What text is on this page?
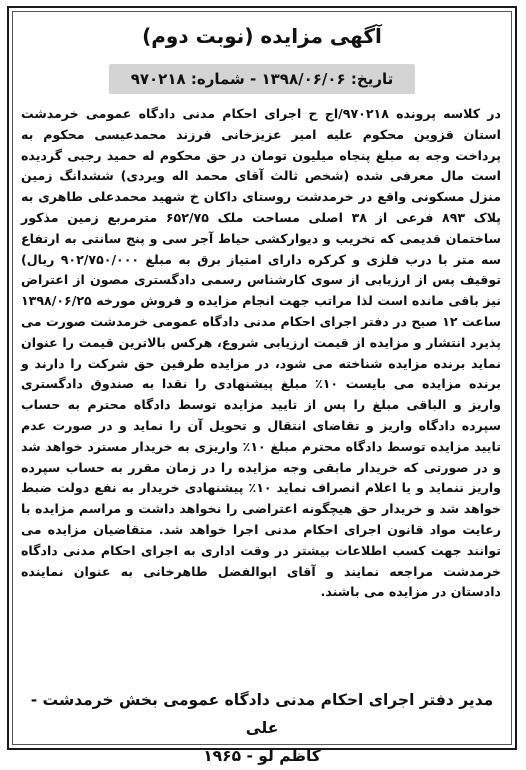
آگهی مزایده (نوبت دوم)
تاریخ: ۱۳۹۸/۰۶/۰۶ - شماره: ۹۷۰۲۱۸
در کلاسه پرونده ۹۷۰۲۱۸/اج ح اجرای احکام مدنی دادگاه عمومی خرمدشت استان قزوین محکوم علیه امیر عزیزخانی فرزند محمدعیسی محکوم به پرداخت وجه به مبلغ پنجاه میلیون تومان در حق محکوم له حمید رجبی گردیده است مال معرفی شده (شخص ثالث آقای محمد اله ویردی) ششدانگ زمین منزل مسکونی واقع در خرمدشت روستای داکان خ شهید محمدعلی طاهری به پلاک ۸۹۳ فرعی از ۳۸ اصلی مساحت ملک ۶۵۲/۷۵ مترمربع زمین مذکور ساختمان قدیمی که تخریب و دیوارکشی حیاط آجر سی و پنج سانتی به ارتفاع سه متر با درب فلزی و کرکره دارای امتیاز برق به مبلغ ۹۰۲/۷۵۰/۰۰۰ ریال) توقیف پس از ارزیابی از سوی کارشناس رسمی دادگستری مصون از اعتراض نیز باقی مانده است لذا مراتب جهت انجام مزایده و فروش مورخه ۱۳۹۸/۰۶/۲۵ ساعت ۱۲ صبح در دفتر اجرای احکام مدنی دادگاه عمومی خرمدشت صورت می پذیرد انتشار و مزایده از قیمت ارزیابی شروع، هرکس بالاترین قیمت را عنوان نماید برنده مزایده شناخته می شود، در مزایده طرفین حق شرکت را دارند و برنده مزایده می بایست ۱۰٪ مبلغ پیشنهادی را نقدا به صندوق دادگستری واریز و الباقی مبلغ را پس از تایید مزایده توسط دادگاه محترم به حساب سپرده دادگاه واریز و تقاضای انتقال و تحویل آن را نماید و در صورت عدم تایید مزایده توسط دادگاه محترم مبلغ ۱۰٪ واریزی به خریدار مسترد خواهد شد و در صورتی که خریدار مابقی وجه مزایده را در زمان مقرر به حساب سپرده واریز ننماید و یا اعلام انصراف نماید ۱۰٪ پیشنهادی خریدار به نفع دولت ضبط خواهد شد و خریدار حق هیچگونه اعتراضی را نخواهد داشت و مراسم مزایده با رعایت مواد قانون اجرای احکام مدنی اجرا خواهد شد. متقاضیان مزایده می توانند جهت کسب اطلاعات بیشتر در وقت اداری به اجرای احکام مدنی دادگاه خرمدشت مراجعه نمایند و آقای ابوالفضل طاهرخانی به عنوان نماینده دادستان در مزایده می باشند.
مدیر دفتر اجرای احکام مدنی دادگاه عمومی بخش خرمدشت - علی
کاظم لو - ۱۹۶۵
